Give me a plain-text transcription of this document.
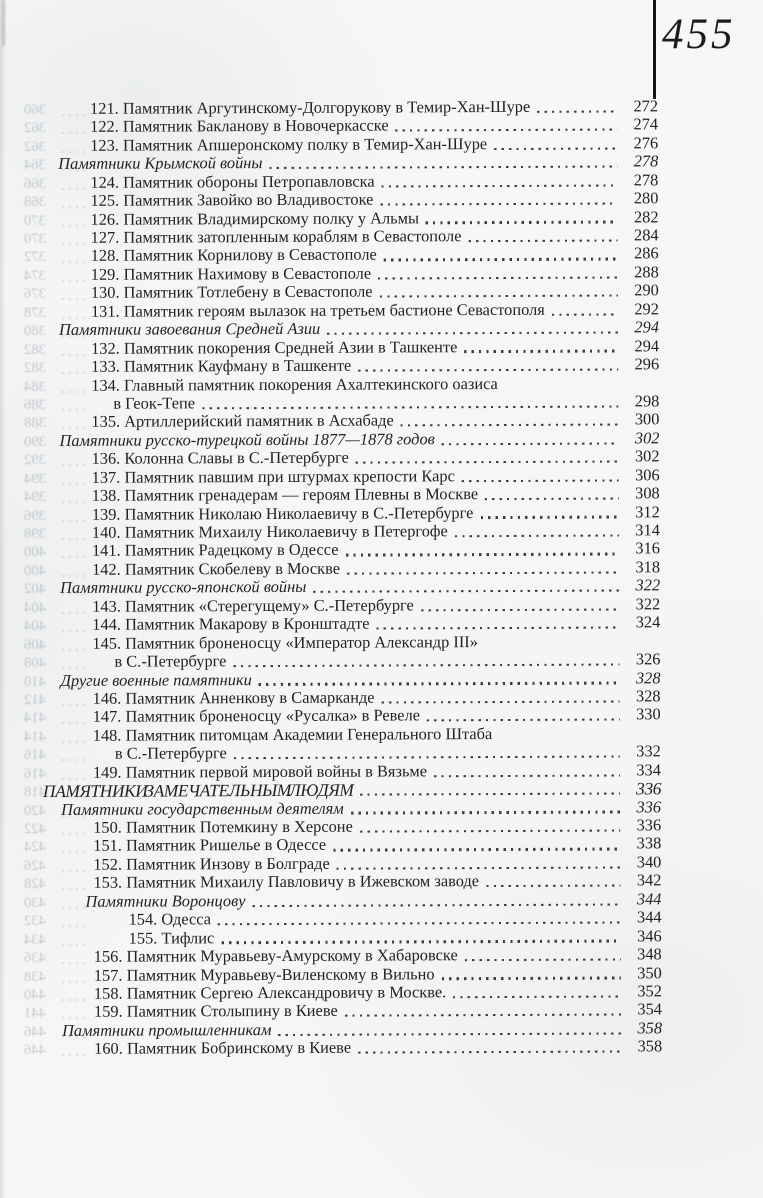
455
360
362
362
364
366
368
370
370
372
374
376
378
380
382
382
384
386
388
390
392
394
394
396
398
400
400
402
404
404
406
408
410
412
414
414
416
416
418
420
422
424
426
428
430
432
434
436
438
440
441
446
446
121. Памятник Аргутинскому-Долгорукову в Темир-Хан-Шуре	272
122. Памятник Бакланову в Новочеркасске	274
123. Памятник Апшеронскому полку в Темир-Хан-Шуре	276
Памятники Крымской войны	278
124. Памятник обороны Петропавловска	278
125. Памятник Завойко во Владивостоке	280
126. Памятник Владимирскому полку у Альмы	282
127. Памятник затопленным кораблям в Севастополе	284
128. Памятник Корнилову в Севастополе	286
129. Памятник Нахимову в Севастополе	288
130. Памятник Тотлебену в Севастополе	290
131. Памятник героям вылазок на третьем бастионе Севастополя	292
Памятники завоевания Средней Азии	294
132. Памятник покорения Средней Азии в Ташкенте	294
133. Памятник Кауфману в Ташкенте	296
134. Главный памятник покорения Ахалтекинского оазиса
в Геок-Тепе	298
135. Артиллерийский памятник в Асхабаде	300
Памятники русско-турецкой войны 1877—1878 годов	302
136. Колонна Славы в С.-Петербурге	302
137. Памятник павшим при штурмах крепости Карс	306
138. Памятник гренадерам — героям Плевны в Москве	308
139. Памятник Николаю Николаевичу в С.-Петербурге	312
140. Памятник Михаилу Николаевичу в Петергофе	314
141. Памятник Радецкому в Одессе	316
142. Памятник Скобелеву в Москве	318
Памятники русско-японской войны	322
143. Памятник «Стерегущему» С.-Петербурге	322
144. Памятник Макарову в Кронштадте	324
145. Памятник броненосцу «Император Александр III»
в С.-Петербурге	326
Другие военные памятники	328
146. Памятник Анненкову в Самарканде	328
147. Памятник броненосцу «Русалка» в Ревеле	330
148. Памятник питомцам Академии Генерального Штаба
в С.-Петербурге	332
149. Памятник первой мировой войны в Вязьме	334
ПАМЯТНИКИ ЗАМЕЧАТЕЛЬНЫМ ЛЮДЯМ	336
Памятники государственным деятелям	336
150. Памятник Потемкину в Херсоне	336
151. Памятник Ришелье в Одессе	338
152. Памятник Инзову в Болграде	340
153. Памятник Михаилу Павловичу в Ижевском заводе	342
Памятники Воронцову	344
154. Одесса	344
155. Тифлис	346
156. Памятник Муравьеву-Амурскому в Хабаровске	348
157. Памятник Муравьеву-Виленскому в Вильно	350
158. Памятник Сергею Александровичу в Москве.	352
159. Памятник Столыпину в Киеве	354
Памятники промышленникам	358
160. Памятник Бобринскому в Киеве	358
